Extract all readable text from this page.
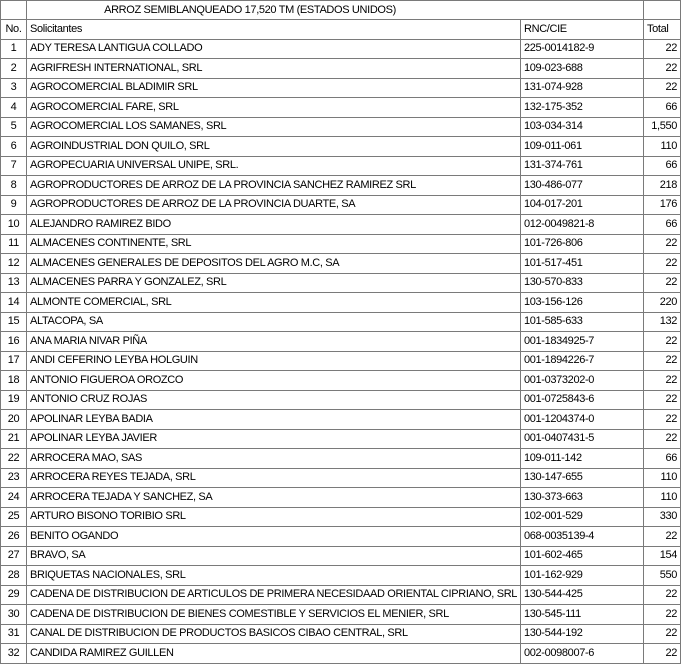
	ARROZ SEMIBLANQUEADO 17,520 TM (ESTADOS UNIDOS)		
No.	Solicitantes	RNC/CIE	Total
1	ADY TERESA LANTIGUA COLLADO	225-0014182-9	22
2	AGRIFRESH INTERNATIONAL, SRL	109-023-688	22
3	AGROCOMERCIAL BLADIMIR SRL	131-074-928	22
4	AGROCOMERCIAL FARE, SRL	132-175-352	66
5	AGROCOMERCIAL LOS SAMANES, SRL	103-034-314	1,550
6	AGROINDUSTRIAL DON QUILO, SRL	109-011-061	110
7	AGROPECUARIA UNIVERSAL UNIPE, SRL.	131-374-761	66
8	AGROPRODUCTORES DE ARROZ DE LA PROVINCIA SANCHEZ RAMIREZ SRL	130-486-077	218
9	AGROPRODUCTORES DE ARROZ DE LA PROVINCIA DUARTE, SA	104-017-201	176
10	ALEJANDRO RAMIREZ BIDO	012-0049821-8	66
11	ALMACENES CONTINENTE, SRL	101-726-806	22
12	ALMACENES GENERALES DE DEPOSITOS DEL AGRO M.C, SA	101-517-451	22
13	ALMACENES PARRA Y GONZALEZ, SRL	130-570-833	22
14	ALMONTE COMERCIAL, SRL	103-156-126	220
15	ALTACOPA, SA	101-585-633	132
16	ANA MARIA NIVAR PIÑA	001-1834925-7	22
17	ANDI CEFERINO LEYBA HOLGUIN	001-1894226-7	22
18	ANTONIO FIGUEROA OROZCO	001-0373202-0	22
19	ANTONIO CRUZ ROJAS	001-0725843-6	22
20	APOLINAR LEYBA BADIA	001-1204374-0	22
21	APOLINAR LEYBA JAVIER	001-0407431-5	22
22	ARROCERA MAO, SAS	109-011-142	66
23	ARROCERA REYES TEJADA, SRL	130-147-655	110
24	ARROCERA TEJADA Y SANCHEZ, SA	130-373-663	110
25	ARTURO BISONO TORIBIO SRL	102-001-529	330
26	BENITO OGANDO	068-0035139-4	22
27	BRAVO, SA	101-602-465	154
28	BRIQUETAS NACIONALES, SRL	101-162-929	550
29	CADENA DE DISTRIBUCION DE ARTICULOS DE PRIMERA NECESIDAAD ORIENTAL CIPRIANO, SRL	130-544-425	22
30	CADENA DE DISTRIBUCION DE BIENES COMESTIBLE Y SERVICIOS EL MENIER, SRL	130-545-111	22
31	CANAL DE DISTRIBUCION DE PRODUCTOS BASICOS CIBAO CENTRAL, SRL	130-544-192	22
32	CANDIDA RAMIREZ GUILLEN	002-0098007-6	22
